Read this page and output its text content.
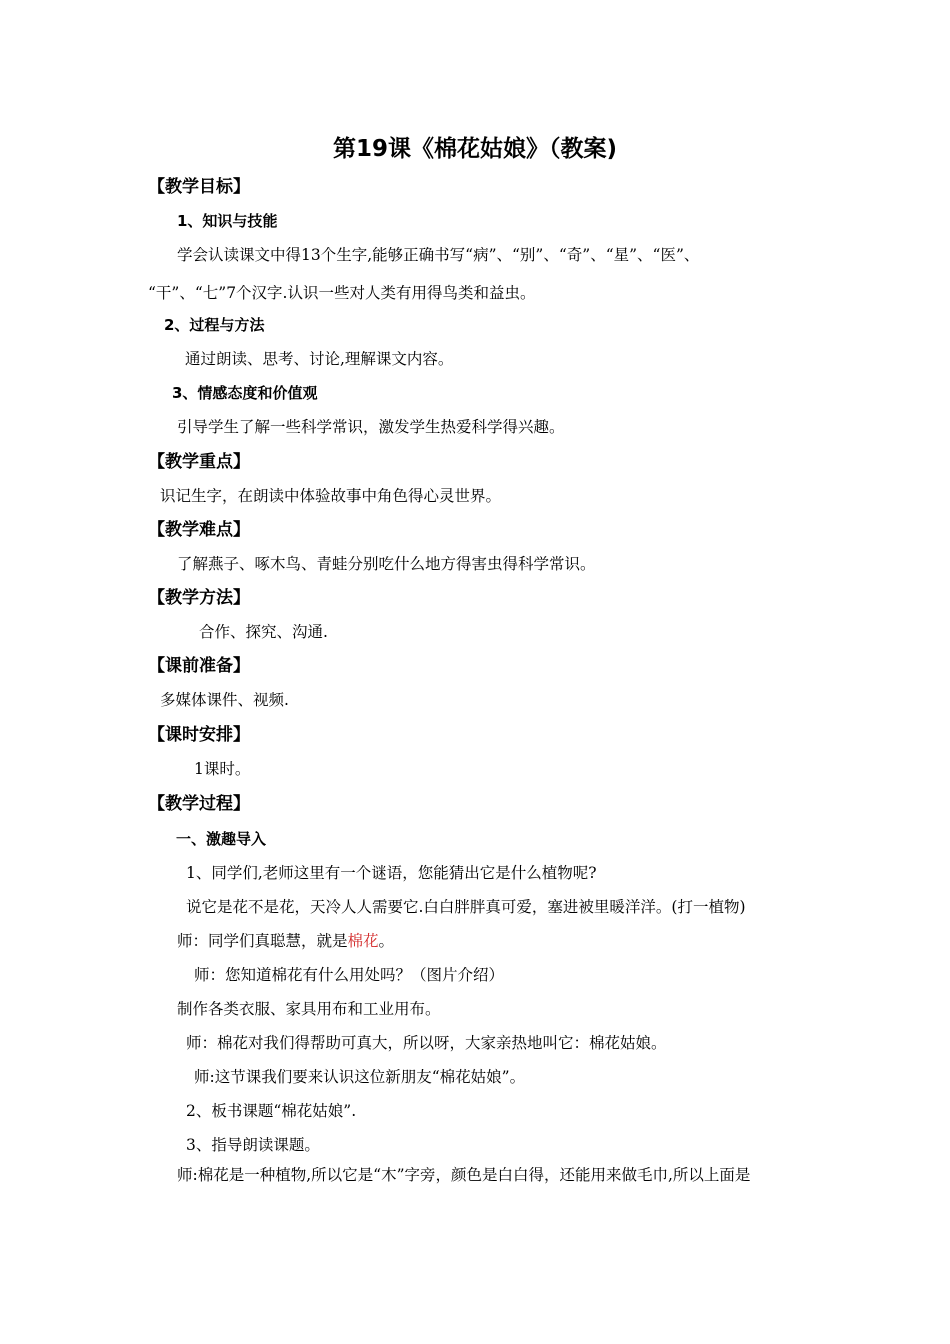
第19课《棉花姑娘》（教案)
【教学目标】
1、知识与技能
学会认读课文中得13个生字,能够正确书写“病”、“别”、“奇”、“星”、“医”、
“干”、“七”7个汉字.认识一些对人类有用得鸟类和益虫。
2、过程与方法
通过朗读、思考、讨论,理解课文内容。
3、情感态度和价值观
引导学生了解一些科学常识，激发学生热爱科学得兴趣。
【教学重点】
识记生字，在朗读中体验故事中角色得心灵世界。
【教学难点】
了解燕子、啄木鸟、青蛙分别吃什么地方得害虫得科学常识。
【教学方法】
合作、探究、沟通.
【课前准备】
多媒体课件、视频.
【课时安排】
1课时。
【教学过程】
一、激趣导入
1、同学们,老师这里有一个谜语，您能猜出它是什么植物呢?
说它是花不是花，天冷人人需要它.白白胖胖真可爱，塞进被里暖洋洋。(打一植物)
师：同学们真聪慧，就是棉花。
师：您知道棉花有什么用处吗？（图片介绍）
制作各类衣服、家具用布和工业用布。
师：棉花对我们得帮助可真大，所以呀，大家亲热地叫它：棉花姑娘。
师:这节课我们要来认识这位新朋友“棉花姑娘”。
2、板书课题“棉花姑娘”.
3、指导朗读课题。
师:棉花是一种植物,所以它是“木”字旁，颜色是白白得，还能用来做毛巾,所以上面是
